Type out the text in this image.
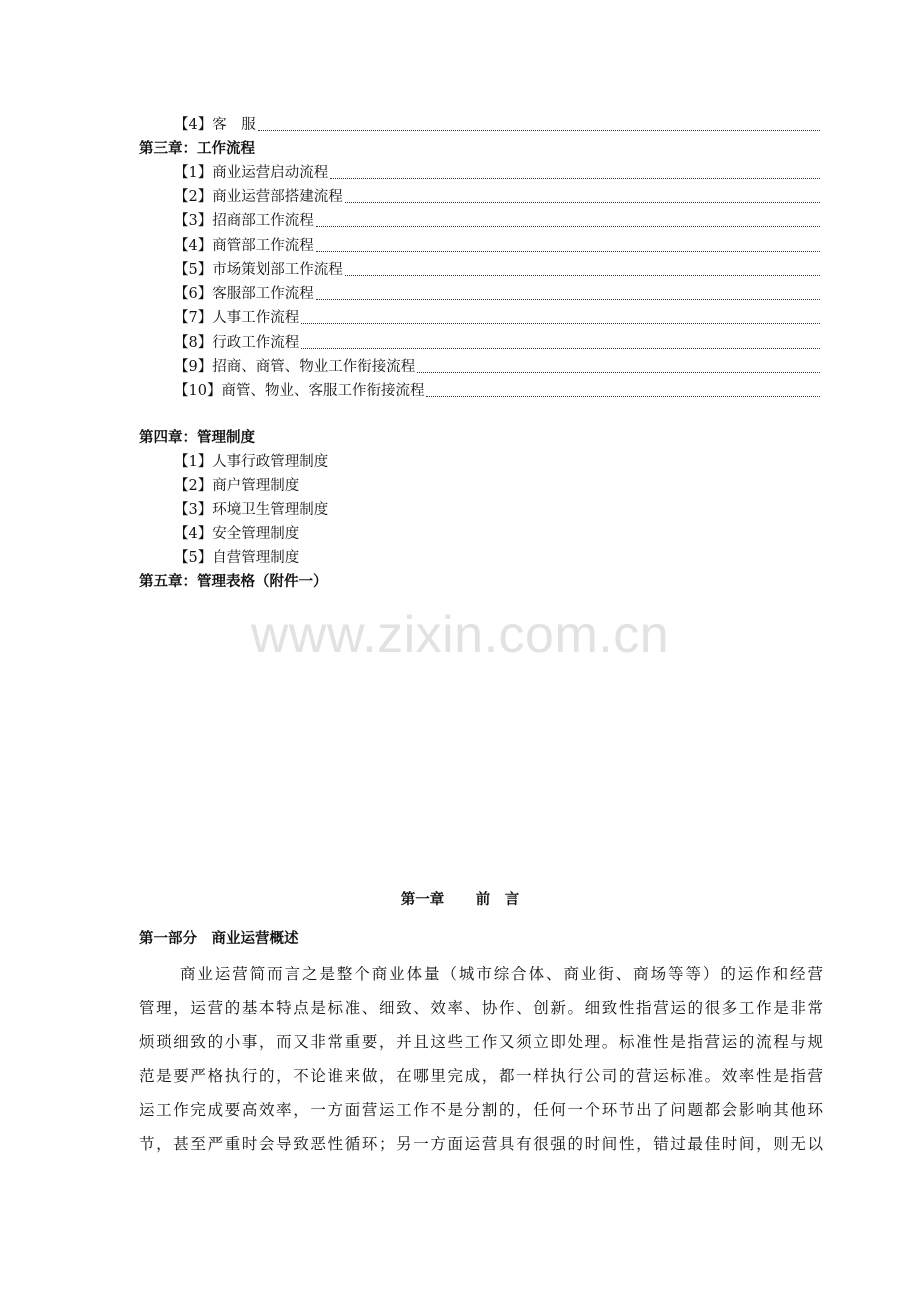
【4】客　服
第三章：工作流程
【1】商业运营启动流程
【2】商业运营部搭建流程
【3】招商部工作流程
【4】商管部工作流程
【5】市场策划部工作流程
【6】客服部工作流程
【7】人事工作流程
【8】行政工作流程
【9】招商、商管、物业工作衔接流程
【10】商管、物业、客服工作衔接流程
第四章：管理制度
【1】人事行政管理制度
【2】商户管理制度
【3】环境卫生管理制度
【4】安全管理制度
【5】自营管理制度
第五章：管理表格（附件一）
www.zixin.com.cn
第一章　 前　言
第一部分　商业运营概述
商业运营简而言之是整个商业体量（城市综合体、商业街、商场等等）的运作和经营
管理，运营的基本特点是标准、细致、效率、协作、创新。细致性指营运的很多工作是非常
烦琐细致的小事，而又非常重要，并且这些工作又须立即处理。标准性是指营运的流程与规
范是要严格执行的，不论谁来做，在哪里完成，都一样执行公司的营运标准。效率性是指营
运工作完成要高效率，一方面营运工作不是分割的，任何一个环节出了问题都会影响其他环
节，甚至严重时会导致恶性循环；另一方面运营具有很强的时间性，错过最佳时间，则无以
